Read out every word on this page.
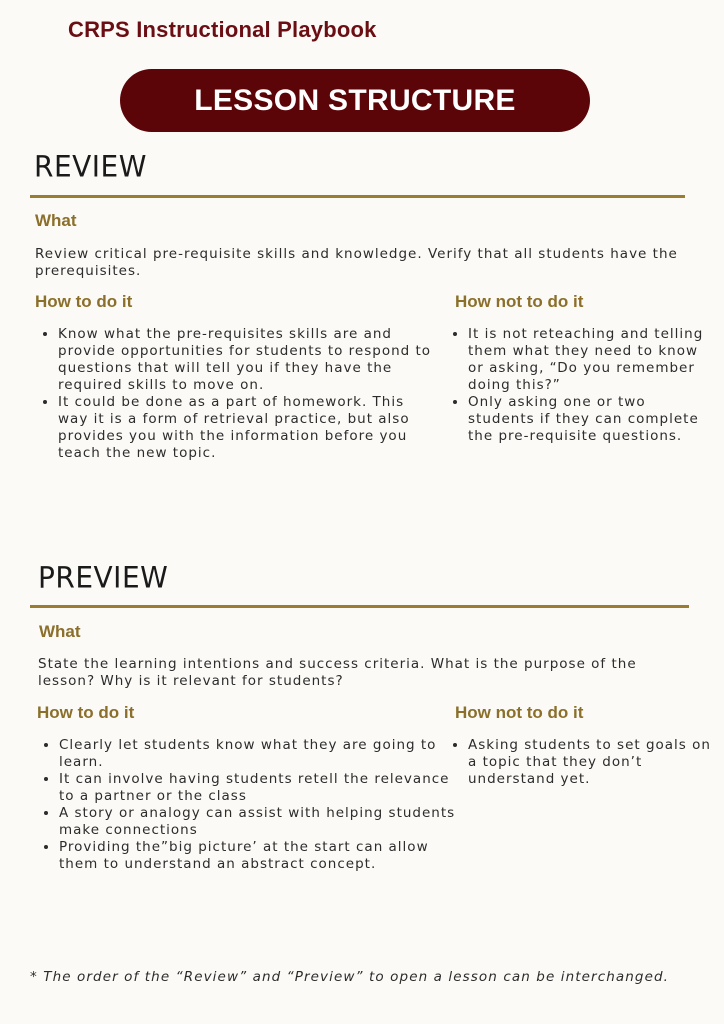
CRPS Instructional Playbook
LESSON STRUCTURE
REVIEW
What
Review critical pre-requisite skills and knowledge. Verify that all students have the prerequisites.
How to do it
• Know what the pre-requisites skills are and provide opportunities for students to respond to questions that will tell you if they have the required skills to move on.
• It could be done as a part of homework. This way it is a form of retrieval practice, but also provides you with the information before you teach the new topic.
How not to do it
• It is not reteaching and telling them what they need to know or asking, “Do you remember doing this?”
• Only asking one or two students if they can complete the pre-requisite questions.
PREVIEW
What
State the learning intentions and success criteria. What is the purpose of the lesson? Why is it relevant for students?
How to do it
• Clearly let students know what they are going to learn.
• It can involve having students retell the relevance to a partner or the class
• A story or analogy can assist with helping students make connections
• Providing the”big picture’ at the start can allow them to understand an abstract concept.
How not to do it
• Asking students to set goals on a topic that they don’t understand yet.
* The order of the “Review” and “Preview” to open a lesson can be interchanged.
